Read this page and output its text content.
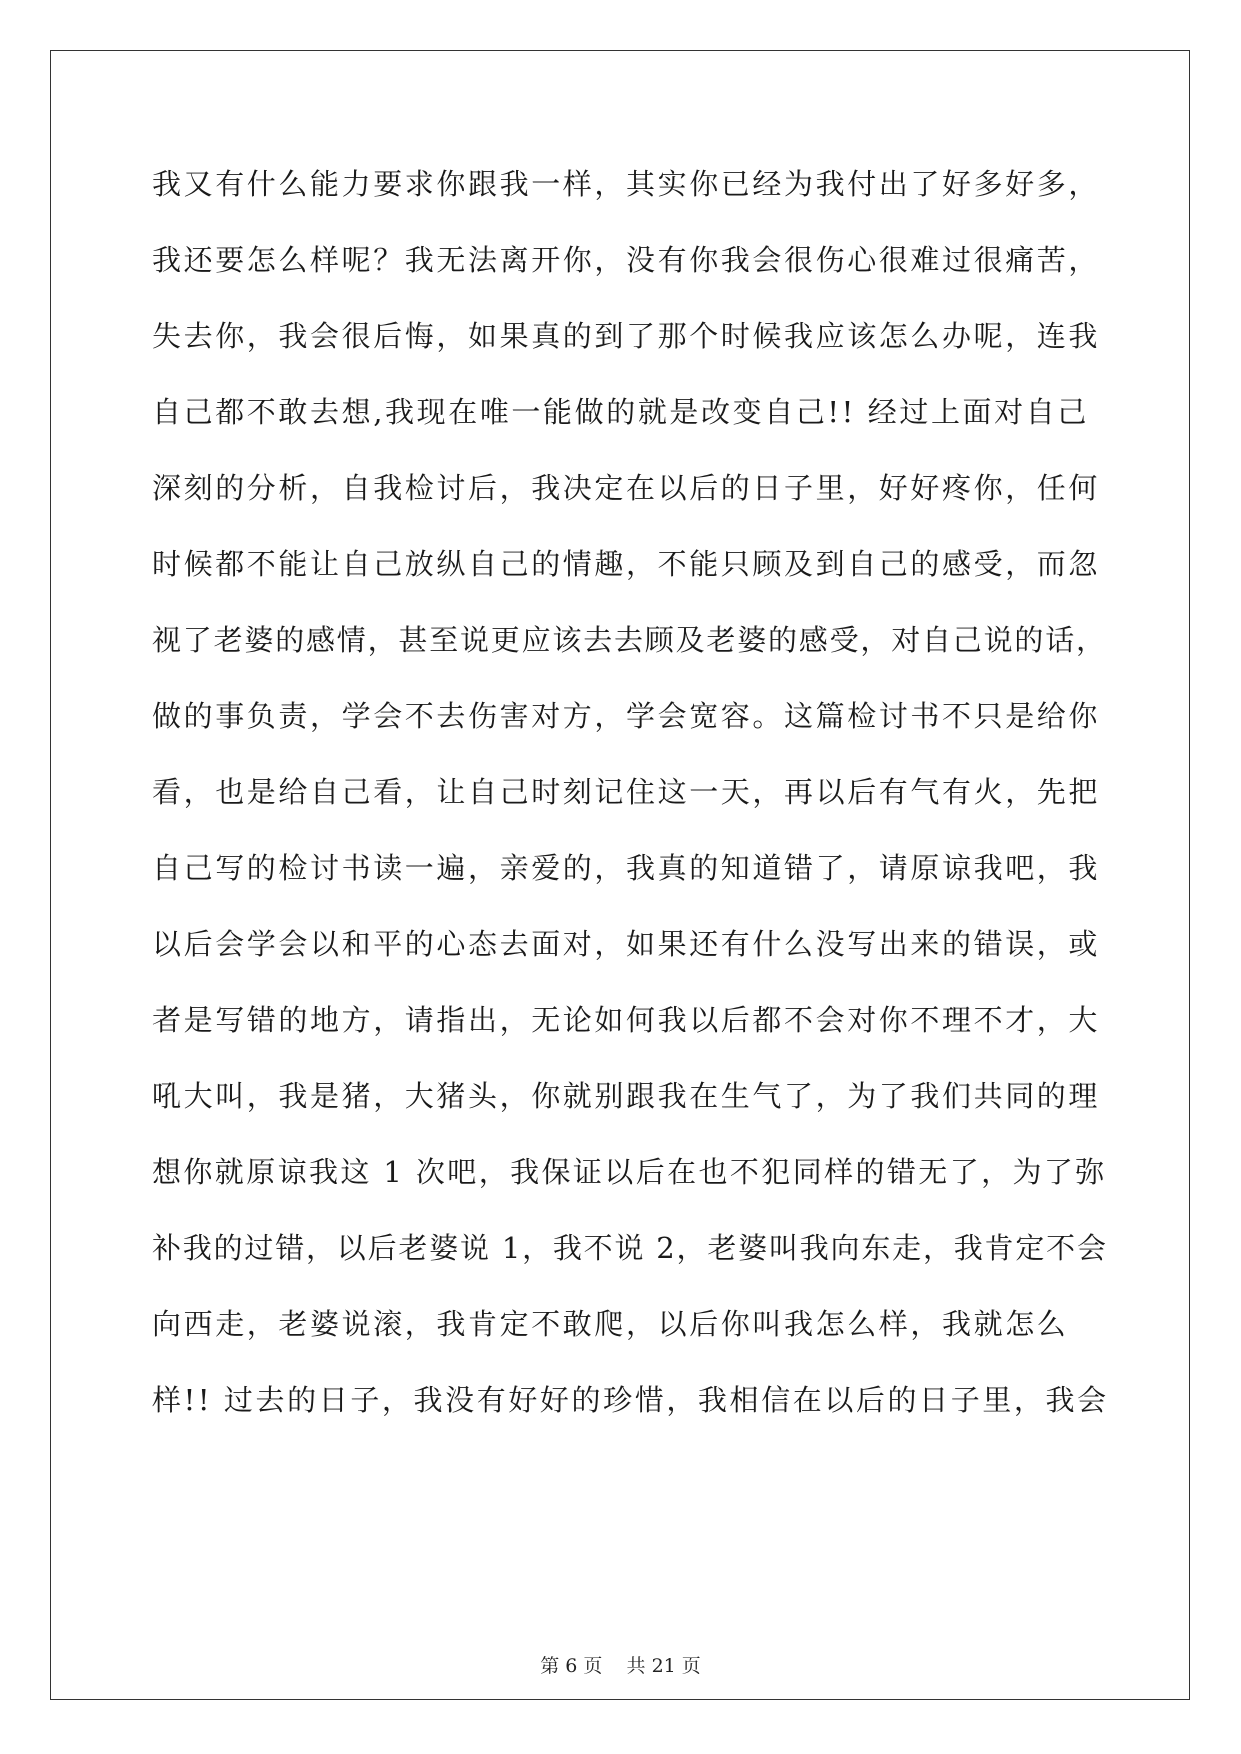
我又有什么能力要求你跟我一样，其实你已经为我付出了好多好多，
我还要怎么样呢？我无法离开你，没有你我会很伤心很难过很痛苦，
失去你，我会很后悔，如果真的到了那个时候我应该怎么办呢，连我
自己都不敢去想,我现在唯一能做的就是改变自己!! 经过上面对自己
深刻的分析，自我检讨后，我决定在以后的日子里，好好疼你，任何
时候都不能让自己放纵自己的情趣，不能只顾及到自己的感受，而忽
视了老婆的感情，甚至说更应该去去顾及老婆的感受，对自己说的话，
做的事负责，学会不去伤害对方，学会宽容。这篇检讨书不只是给你
看，也是给自己看，让自己时刻记住这一天，再以后有气有火，先把
自己写的检讨书读一遍，亲爱的，我真的知道错了，请原谅我吧，我
以后会学会以和平的心态去面对，如果还有什么没写出来的错误，或
者是写错的地方，请指出，无论如何我以后都不会对你不理不才，大
吼大叫，我是猪，大猪头，你就别跟我在生气了，为了我们共同的理
想你就原谅我这 1 次吧，我保证以后在也不犯同样的错无了，为了弥
补我的过错，以后老婆说 1，我不说 2，老婆叫我向东走，我肯定不会
向西走，老婆说滚，我肯定不敢爬，以后你叫我怎么样，我就怎么
样!! 过去的日子，我没有好好的珍惜，我相信在以后的日子里，我会
第 6 页    共 21 页
